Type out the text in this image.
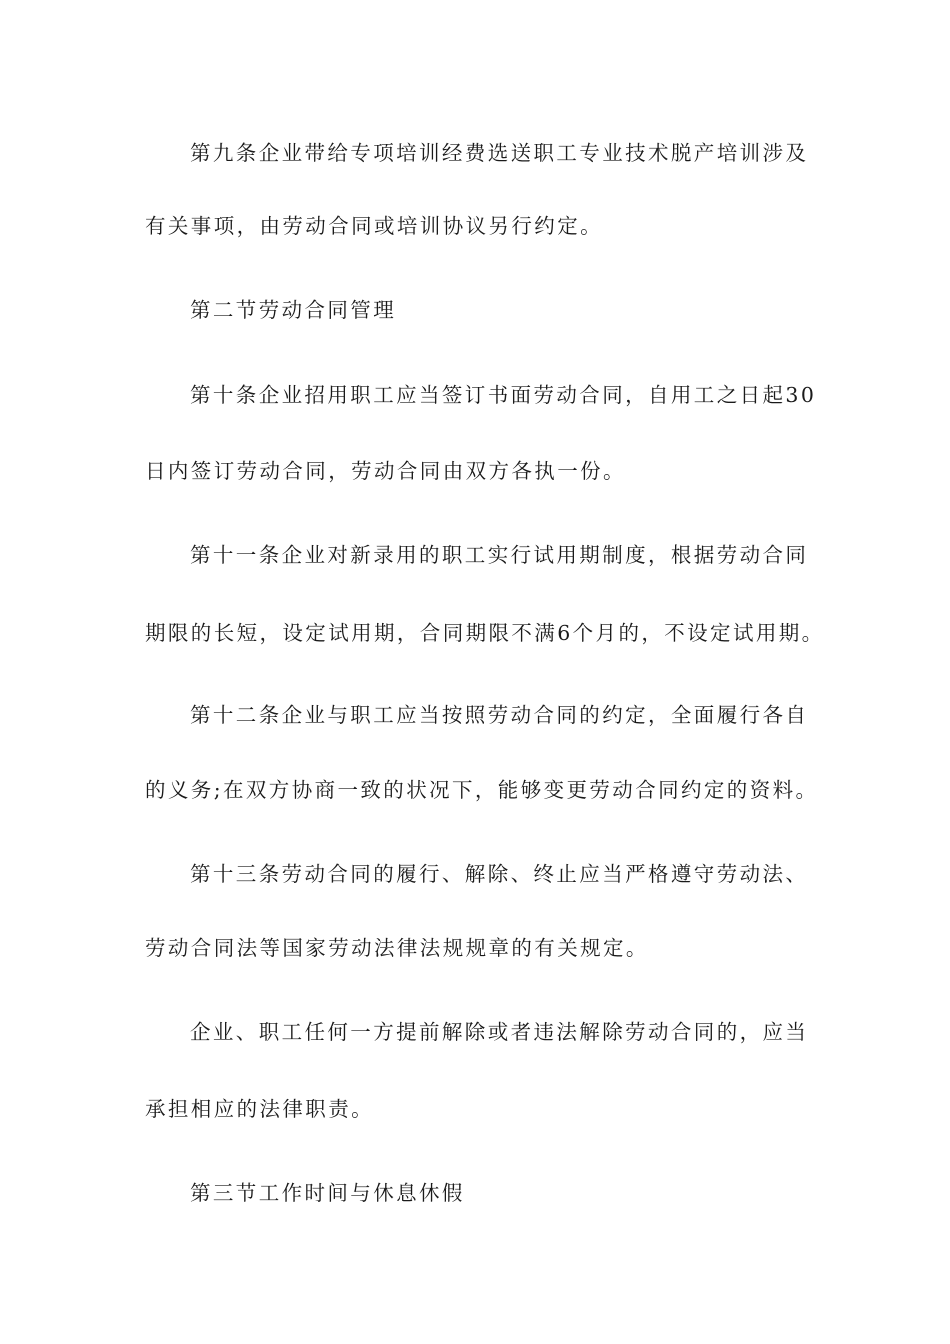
第九条企业带给专项培训经费选送职工专业技术脱产培训涉及

有关事项，由劳动合同或培训协议另行约定。

第二节劳动合同管理

第十条企业招用职工应当签订书面劳动合同，自用工之日起30

日内签订劳动合同，劳动合同由双方各执一份。

第十一条企业对新录用的职工实行试用期制度，根据劳动合同

期限的长短，设定试用期，合同期限不满6个月的，不设定试用期。

第十二条企业与职工应当按照劳动合同的约定，全面履行各自

的义务;在双方协商一致的状况下，能够变更劳动合同约定的资料。

第十三条劳动合同的履行、解除、终止应当严格遵守劳动法、

劳动合同法等国家劳动法律法规规章的有关规定。

企业、职工任何一方提前解除或者违法解除劳动合同的，应当

承担相应的法律职责。

第三节工作时间与休息休假
